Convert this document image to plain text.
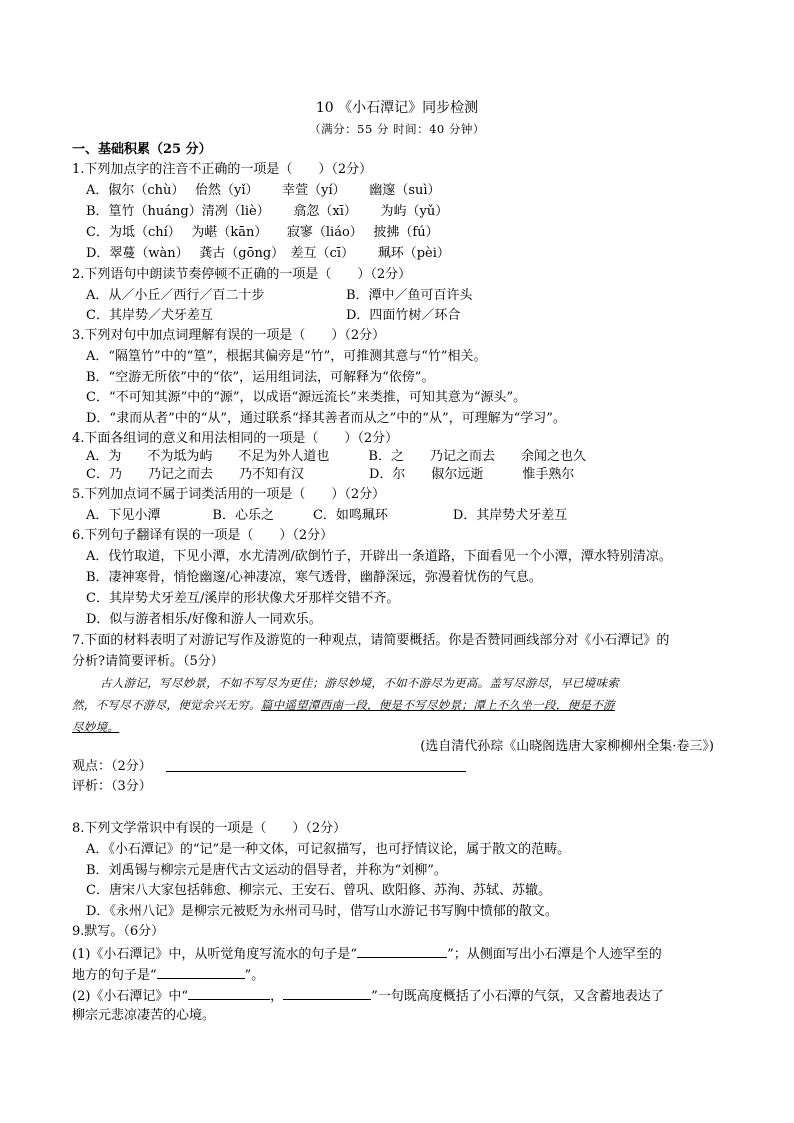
10 《小石潭记》同步检测
（满分：55 分 时间：40 分钟）
一、基础积累（25 分）
1.下列加点字的注音不正确的一项是（　　）（2分）
A．俶尔（chù）　 佁然（yǐ）　　 幸萱（yí）　　 幽邃（suì）
B．篁竹（huáng）清冽（liè）　　 翕忽（xī）　　 为屿（yǔ）
C．为坻（chí）　 为嵁（kān）　　寂寥（liáo）　 披拂（fú）
D．翠蔓（wàn）　 龚古（gōng）　差互（cī）　　 珮环（pèi）
2.下列语句中朗读节奏停顿不正确的一项是（　　）（2分）
A．从／小丘／西行／百二十步	B．潭中／鱼可百许头
C．其岸势／犬牙差互	D．四面竹树／环合
3.下列对句中加点词理解有误的一项是（　　）（2分）
A．“隔篁竹”中的“篁”，根据其偏旁是“竹”，可推测其意与“竹”相关。
B．“空游无所依”中的“依”，运用组词法，可解释为“依傍”。
C．“不可知其源”中的“源”，以成语“源远流长”来类推，可知其意为“源头”。
D．“隶而从者”中的“从”，通过联系“择其善者而从之”中的“从”，可理解为“学习”。
4.下面各组词的意义和用法相同的一项是（　　）（2分）
A．为　　不为坻为屿　　不足为外人道也　　　B．之　　乃记之而去　　余闻之也久
C．乃　　乃记之而去　　乃不知有汉　　　　　D．尔　　俶尔远逝　　　惟手熟尔
5.下列加点词不属于词类活用的一项是（　　）（2分）
A．下见小潭　　　　B．心乐之　　　C．如鸣珮环　　　　　D．其岸势犬牙差互
6.下列句子翻译有误的一项是（　　）（2分）
A．伐竹取道，下见小潭，水尤清冽/砍倒竹子，开辟出一条道路，下面看见一个小潭，潭水特别清凉。
B．凄神寒骨，悄怆幽邃/心神凄凉，寒气透骨，幽静深远，弥漫着忧伤的气息。
C．其岸势犬牙差互/溪岸的形状像犬牙那样交错不齐。
D．似与游者相乐/好像和游人一同欢乐。
7.下面的材料表明了对游记写作及游览的一种观点，请简要概括。你是否赞同画线部分对《小石潭记》的
分析?请简要评析。（5分）
古人游记，写尽妙景，不如不写尽为更佳；游尽妙境，不如不游尽为更高。盖写尽游尽，早已境味索
然，不写尽不游尽，便觉余兴无穷。篇中遥望潭西南一段，便是不写尽妙景；潭上不久坐一段，便是不游
尽妙境。
(选自清代孙琮《山晓阁选唐大家柳柳州全集·卷三》)
观点：（2分）
评析：（3分）
8.下列文学常识中有误的一项是（　　）（2分）
A．《小石潭记》的“记”是一种文体，可记叙描写，也可抒情议论，属于散文的范畴。
B．刘禹锡与柳宗元是唐代古文运动的倡导者，并称为“刘柳”。
C．唐宋八大家包括韩愈、柳宗元、王安石、曾巩、欧阳修、苏洵、苏轼、苏辙。
D．《永州八记》是柳宗元被贬为永州司马时，借写山水游记书写胸中愤郁的散文。
9.默写。（6分）
(1)《小石潭记》中，从听觉角度写流水的句子是“	”；从侧面写出小石潭是个人迹罕至的
地方的句子是“	”。
(2)《小石潭记》中“	，	”一句既高度概括了小石潭的气氛，又含蓄地表达了
柳宗元悲凉凄苦的心境。
